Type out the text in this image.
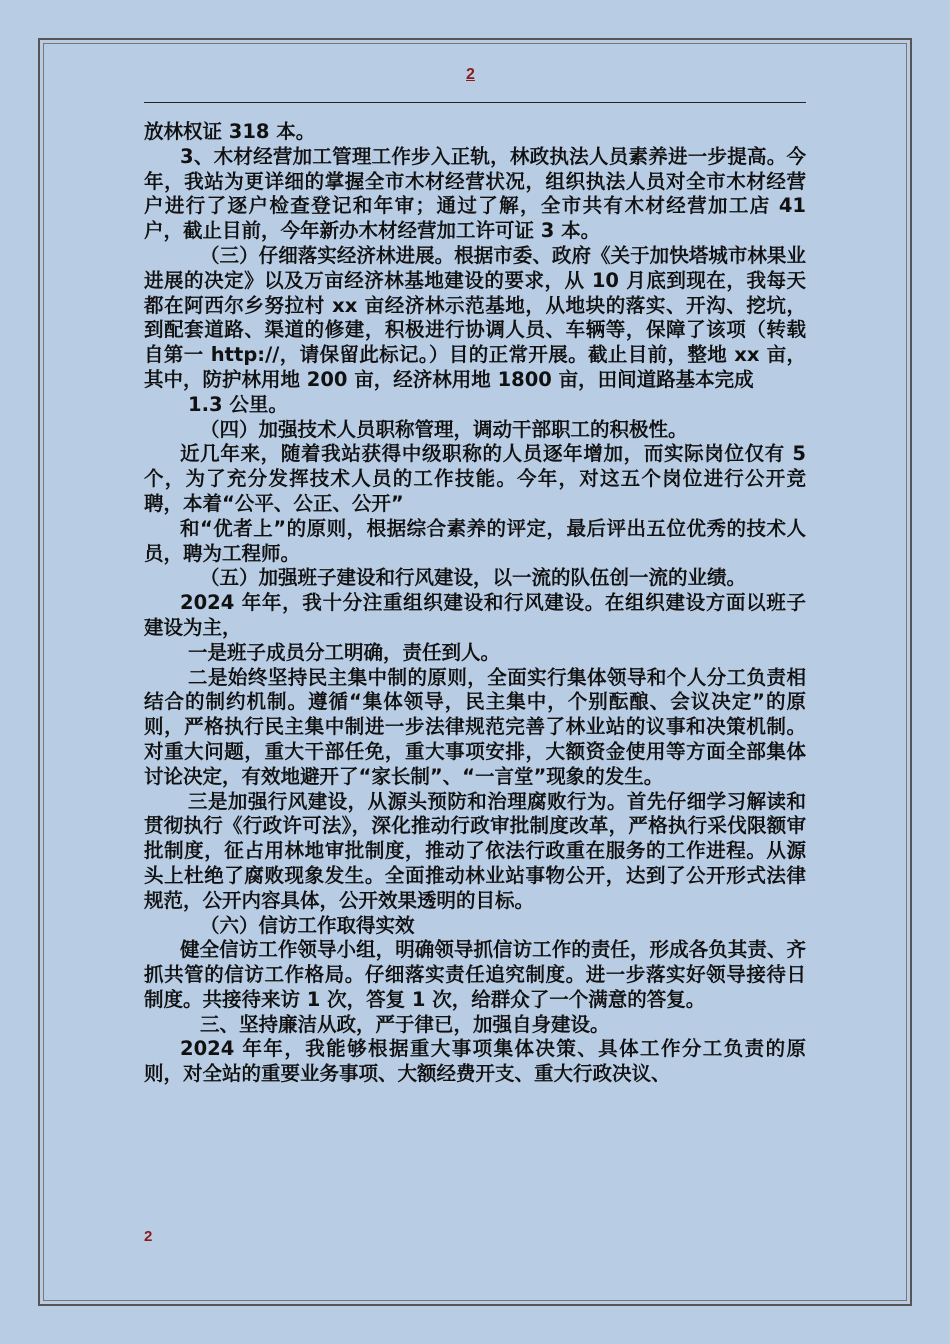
2

放林权证 318 本。

3、木材经营加工管理工作步入正轨，林政执法人员素养进一步提高。今年，我站为更详细的掌握全市木材经营状况，组织执法人员对全市木材经营户进行了逐户检查登记和年审；通过了解，全市共有木材经营加工店 41 户，截止目前，今年新办木材经营加工许可证 3 本。

（三）仔细落实经济林进展。根据市委、政府《关于加快塔城市林果业进展的决定》以及万亩经济林基地建设的要求，从 10 月底到现在，我每天都在阿西尔乡努拉村 xx 亩经济林示范基地，从地块的落实、开沟、挖坑，到配套道路、渠道的修建，积极进行协调人员、车辆等，保障了该项（转载自第一 http://，请保留此标记。）目的正常开展。截止目前，整地 xx 亩，其中，防护林用地 200 亩，经济林用地 1800 亩，田间道路基本完成

1.3 公里。

（四）加强技术人员职称管理，调动干部职工的积极性。

近几年来，随着我站获得中级职称的人员逐年增加，而实际岗位仅有 5 个，为了充分发挥技术人员的工作技能。今年，对这五个岗位进行公开竞聘，本着“公平、公正、公开”

和“优者上”的原则，根据综合素养的评定，最后评出五位优秀的技术人员，聘为工程师。

（五）加强班子建设和行风建设，以一流的队伍创一流的业绩。

2024 年年，我十分注重组织建设和行风建设。在组织建设方面以班子建设为主，

一是班子成员分工明确，责任到人。

二是始终坚持民主集中制的原则，全面实行集体领导和个人分工负责相结合的制约机制。遵循“集体领导，民主集中，个别酝酿、会议决定”的原则，严格执行民主集中制进一步法律规范完善了林业站的议事和决策机制。对重大问题，重大干部任免，重大事项安排，大额资金使用等方面全部集体讨论决定，有效地避开了“家长制”、“一言堂”现象的发生。

三是加强行风建设，从源头预防和治理腐败行为。首先仔细学习解读和贯彻执行《行政许可法》，深化推动行政审批制度改革，严格执行采伐限额审批制度，征占用林地审批制度，推动了依法行政重在服务的工作进程。从源头上杜绝了腐败现象发生。全面推动林业站事物公开，达到了公开形式法律规范，公开内容具体，公开效果透明的目标。

（六）信访工作取得实效

健全信访工作领导小组，明确领导抓信访工作的责任，形成各负其责、齐抓共管的信访工作格局。仔细落实责任追究制度。进一步落实好领导接待日制度。共接待来访 1 次，答复 1 次，给群众了一个满意的答复。

三、坚持廉洁从政，严于律已，加强自身建设。

2024 年年，我能够根据重大事项集体决策、具体工作分工负责的原则，对全站的重要业务事项、大额经费开支、重大行政决议、

2
